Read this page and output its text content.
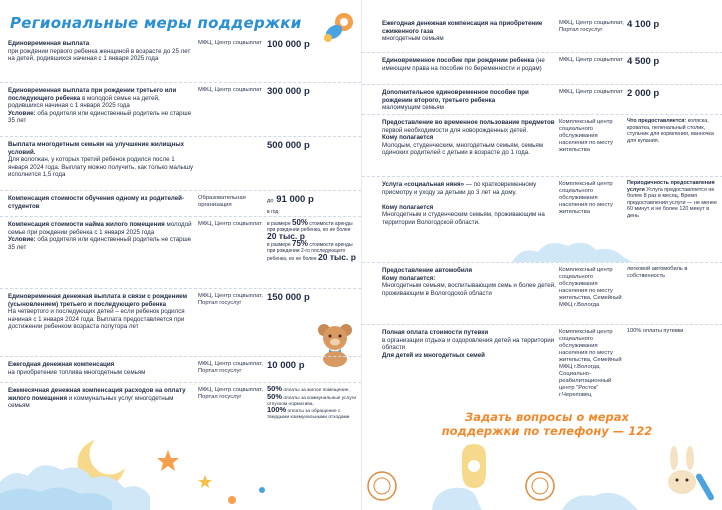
Региональные меры поддержки
Единовременная выплата
при рождении первого ребенка женщиной в возрасте до 25 лет на детей, родившихся начиная с 1 января 2025 года
МФЦ, Центр соцвыплат 100 000 р
Единовременная выплата при рождении третьего или последующего ребенка в молодой семье на детей, родившихся начиная с 1 января 2025 года
Условие: оба родителя или единственный родитель не старше 35 лет
МФЦ, Центр соцвыплат 300 000 р
Выплата многодетным семьям на улучшение жилищных условий.
Для вологжан, у которых третий ребенок родился после 1 января 2024 года. Выплату можно получить, как только малышу исполнится 1,5 года
500 000 р
Компенсация стоимости обучения одному из родителей-студентов
Образовательная организация
до 91 000 р
в год
Компенсация стоимости найма жилого помещения молодой семье при рождении ребенка с 1 января 2025 года
Условие: оба родителя или единственный родитель не старше 35 лет
МФЦ, Центр соцвыплат	в размере 50% стоимости аренды при рождении ребенка, но не более 20 тыс. р
в размере 75% стоимости аренды при рождении 2-го последующего ребенка, но не более 20 тыс. р
Единовременная денежная выплата в связи с рождением (усыновлением) третьего и последующего ребенка
На четвертого и последующих детей – если ребенок родился начиная с 1 января 2024 года. Выплата предоставляется при достижении ребенком возраста полутора лет
МФЦ, Центр соцвыплат, Портал госуслуг	150 000 р
Ежегодная денежная компенсация
на приобретение топлива многодетным семьям
МФЦ, Центр соцвыплат, Портал госуслуг	10 000 р
Ежемесячная денежная компенсация расходов на оплату жилого помещения и коммунальных услуг многодетным семьям
МФЦ, Центр соцвыплат, Портал госуслуг
50% оплаты за жилое помещение,
50% оплаты за коммунальные услуги отпуском норматива,
100% оплаты за обращение с твердыми коммунальными отходами
Ежегодная денежная компенсация на приобретение сжиженного газа
многодетным семьям
МФЦ, Центр соцвыплат, Портал госуслуг	4 100 р
Единовременное пособие при рождении ребенка (не имеющим права на пособие по беременности и родам)
МФЦ, Центр соцвыплат 4 500 р
Дополнительное единовременное пособие при рождении второго, третьего ребенка
малоимущим семьям
МФЦ, Центр соцвыплат 2 000 р
Предоставление во временное пользование предметов первой необходимости для новорожденных детей.
Кому полагается
Молодым, студенческим, многодетным семьям, семьям одиноких родителей с детьми в возрасте до 1 года.
Комплексный центр социального обслуживания населения по месту жительства
Что предоставляется: коляска, кроватка, пеленальный столик, стульчик для кормления, ванночка для купания.
Услуга «социальная няня» — по кратковременному присмотру и уходу за детьми до 3 лет на дому.

Кому полагается
Многодетным и студенческим семьям, проживающим на территории Вологодской области.
Комплексный центр социального обслуживания населения по месту жительства
Периодичность предоставления услуги Услуга предоставляется не более 8 раз в месяц. Время предоставления услуги — не менее 60 минут и не более 120 минут в день
Предоставление автомобиля
Кому полагается:
Многодетным семьям, воспитывающим семь и более детей, проживающим в Вологодской области
Комплексный центр социального обслуживания населения по месту жительства, Семейный МФЦ г.Вологда
легковой автомобиль в собственность
Полная оплата стоимости путевки
в организации отдыха и оздоровления детей на территории области
Для детей из многодетных семей
Комплексный центр социального обслуживания населения по месту жительства, Семейный МФЦ г.Вологда, Социально-реабилитационный центр "Росток" г.Череповец
100% оплаты путевки
Задать вопросы о мерах
поддержки по телефону — 122
